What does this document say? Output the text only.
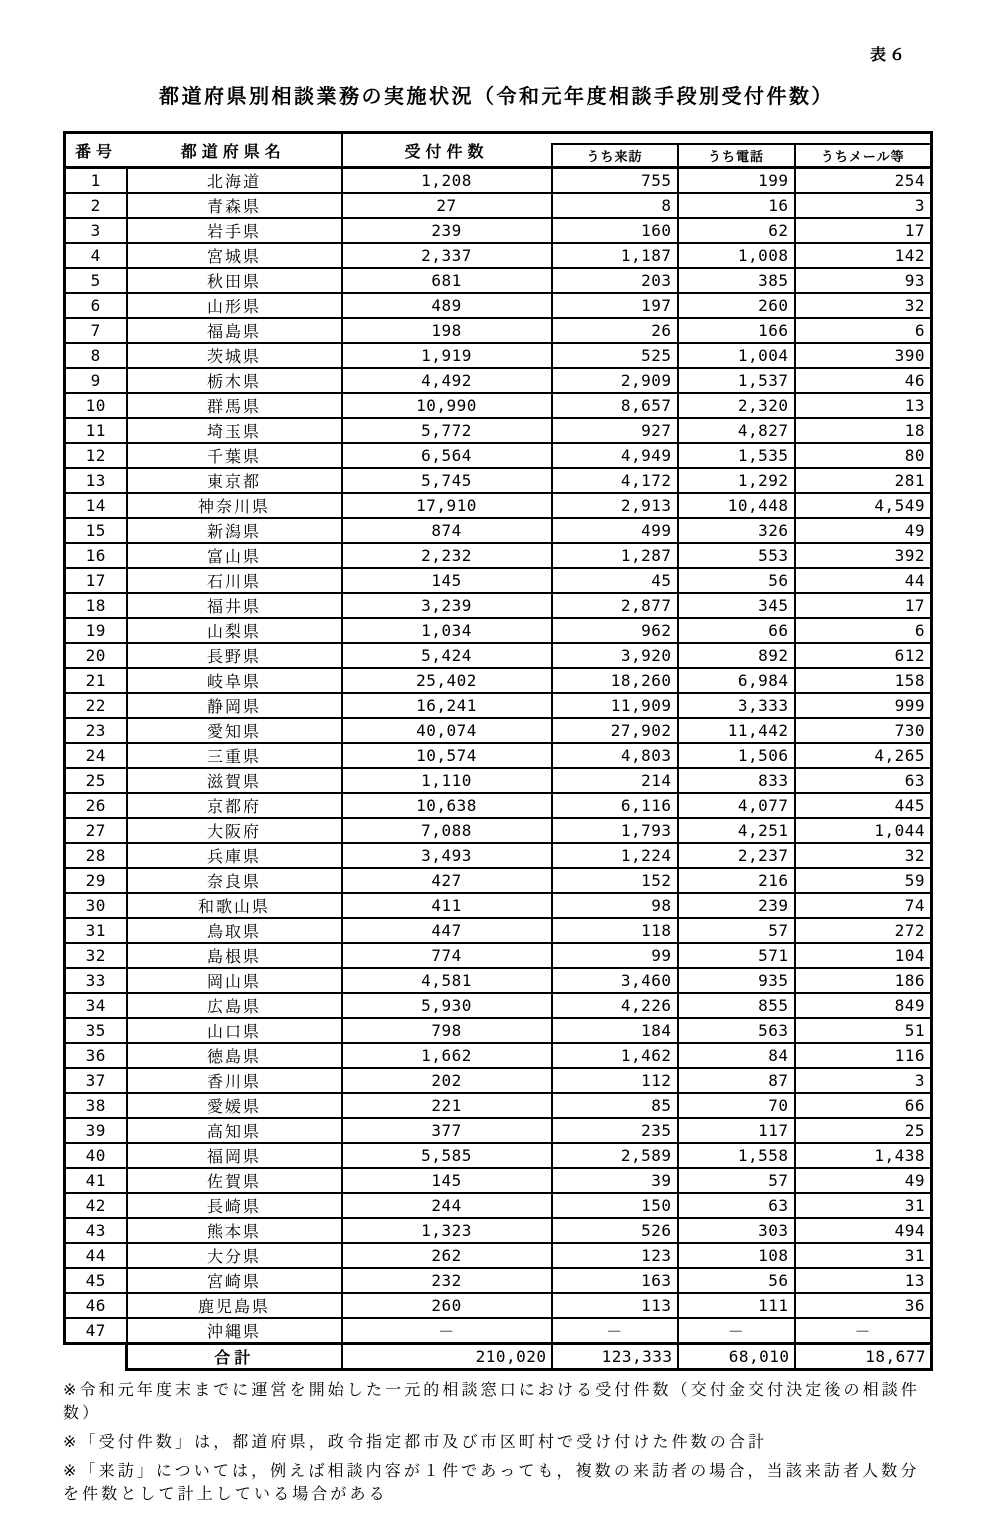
表６
都道府県別相談業務の実施状況（令和元年度相談手段別受付件数）
番号 都道府県名		受付件数			
			うち来訪	うち電話	うちメール等
1	北海道	1,208	755	199	254
2	青森県	27	8	16	3
3	岩手県	239	160	62	17
4	宮城県	2,337	1,187	1,008	142
5	秋田県	681	203	385	93
6	山形県	489	197	260	32
7	福島県	198	26	166	6
8	茨城県	1,919	525	1,004	390
9	栃木県	4,492	2,909	1,537	46
10	群馬県	10,990	8,657	2,320	13
11	埼玉県	5,772	927	4,827	18
12	千葉県	6,564	4,949	1,535	80
13	東京都	5,745	4,172	1,292	281
14	神奈川県	17,910	2,913	10,448	4,549
15	新潟県	874	499	326	49
16	富山県	2,232	1,287	553	392
17	石川県	145	45	56	44
18	福井県	3,239	2,877	345	17
19	山梨県	1,034	962	66	6
20	長野県	5,424	3,920	892	612
21	岐阜県	25,402	18,260	6,984	158
22	静岡県	16,241	11,909	3,333	999
23	愛知県	40,074	27,902	11,442	730
24	三重県	10,574	4,803	1,506	4,265
25	滋賀県	1,110	214	833	63
26	京都府	10,638	6,116	4,077	445
27	大阪府	7,088	1,793	4,251	1,044
28	兵庫県	3,493	1,224	2,237	32
29	奈良県	427	152	216	59
30	和歌山県	411	98	239	74
31	鳥取県	447	118	57	272
32	島根県	774	99	571	104
33	岡山県	4,581	3,460	935	186
34	広島県	5,930	4,226	855	849
35	山口県	798	184	563	51
36	徳島県	1,662	1,462	84	116
37	香川県	202	112	87	3
38	愛媛県	221	85	70	66
39	高知県	377	235	117	25
40	福岡県	5,585	2,589	1,558	1,438
41	佐賀県	145	39	57	49
42	長崎県	244	150	63	31
43	熊本県	1,323	526	303	494
44	大分県	262	123	108	31
45	宮崎県	232	163	56	13
46	鹿児島県	260	113	111	36
47	沖縄県	－	－	－	－
	合計	210,020	123,333	68,010	18,677

※令和元年度末までに運営を開始した一元的相談窓口における受付件数（交付金交付決定後の相談件数）

※「受付件数」は，都道府県，政令指定都市及び市区町村で受け付けた件数の合計

※「来訪」については，例えば相談内容が１件であっても，複数の来訪者の場合，当該来訪者人数分を件数として計上している場合がある
